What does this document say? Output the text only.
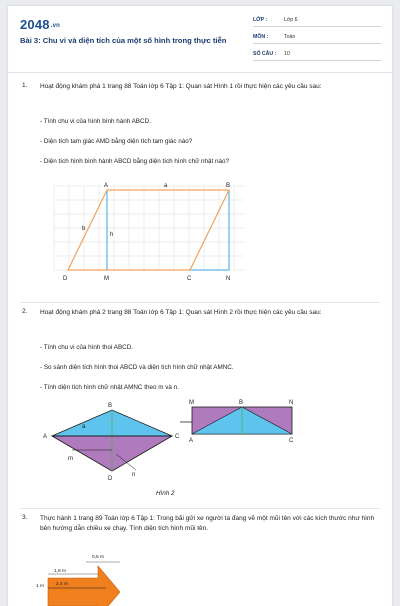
2048.vn
Bài 3: Chu vi và diện tích của một số hình trong thực tiễn
LỚP :	Lớp 6
MÔN :	Toán
SỐ CÂU : 10
1. Hoạt động khám phá 1 trang 88 Toán lớp 6 Tập 1: Quan sát Hình 1 rồi thực hiện các yêu cầu sau:
- Tính chu vi của hình bình hành ABCD.
- Diện tích tam giác AMD bằng diện tích tam giác nào?
- Diện tích hình bình hành ABCD bằng diện tích hình chữ nhật nào?
A	B
C
D	M	N
a
b
h
2. Hoạt động khám phá 2 trang 88 Toán lớp 6 Tập 1: Quan sát Hình 2 rồi thực hiện các yêu cầu sau:
- Tính chu vi của hình thoi ABCD.
- So sánh diện tích hình thoi ABCD và diện tích hình chữ nhật AMNC.
- Tính diện tích hình chữ nhật AMNC theo m và n.
B
A	C
D
a
m
n
M	B	N
A	C
Hình 2
3. Thực hành 1 trang 89 Toán lớp 6 Tập 1: Trong bãi gửi xe người ta đang vẽ một mũi tên với các kích thước như hình bên hướng dẫn chiều xe chạy. Tính diện tích hình mũi tên.
0,5 m
1,8 m
2,4 m
1 m
